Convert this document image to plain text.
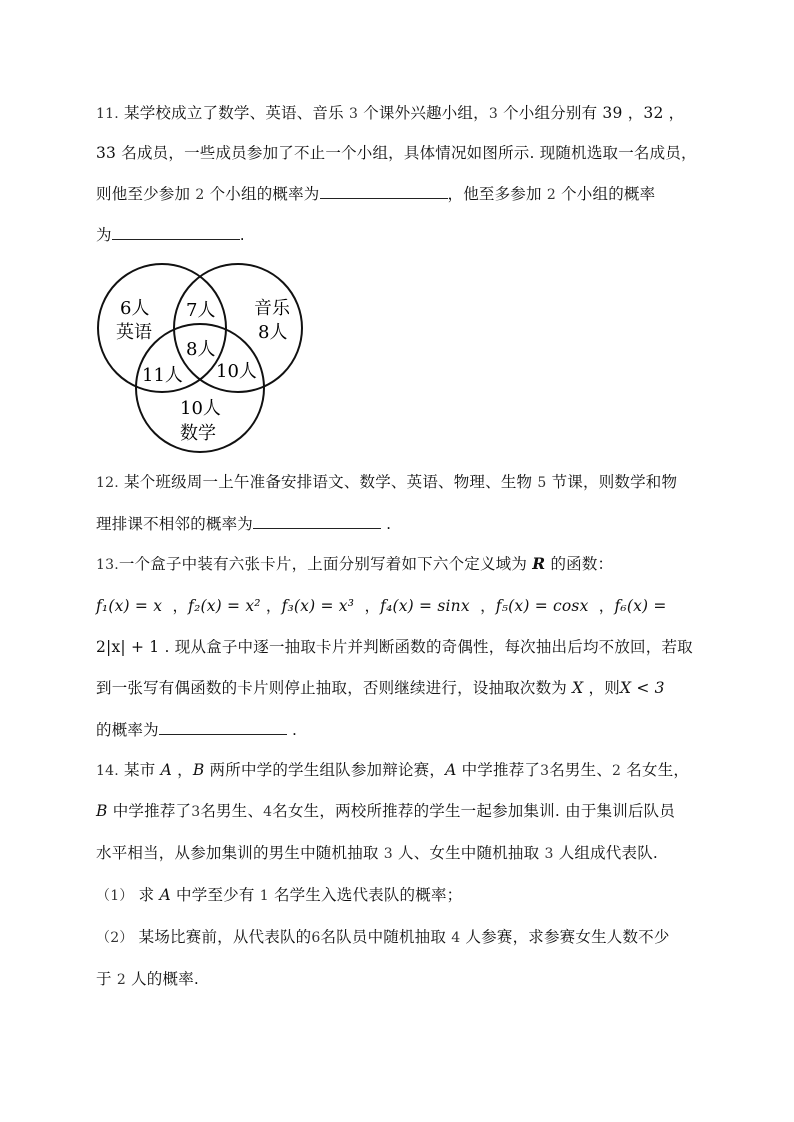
11. 某学校成立了数学、英语、音乐 3 个课外兴趣小组，3 个小组分别有 39 ，32 ，
33 名成员，一些成员参加了不止一个小组，具体情况如图所示. 现随机选取一名成员，
则他至少参加 2 个小组的概率为	，他至多参加 2 个小组的概率
为	.
6人
英语
7人 音乐
8人
8人
11人 10人
10人
数学
12. 某个班级周一上午准备安排语文、数学、英语、物理、生物 5 节课，则数学和物
理排课不相邻的概率为	.
13.一个盒子中装有六张卡片，上面分别写着如下六个定义域为 R 的函数：
f₁(x) = x  ，f₂(x) = x² ，f₃(x) = x³  ，f₄(x) = sinx  ，f₅(x) = cosx  ，f₆(x) =
2|x| + 1 . 现从盒子中逐一抽取卡片并判断函数的奇偶性，每次抽出后均不放回，若取
到一张写有偶函数的卡片则停止抽取，否则继续进行，设抽取次数为 X ，则X < 3
的概率为	.
14. 某市 A ，B 两所中学的学生组队参加辩论赛，A 中学推荐了3名男生、2 名女生，
B 中学推荐了3名男生、4名女生，两校所推荐的学生一起参加集训. 由于集训后队员
水平相当，从参加集训的男生中随机抽取 3 人、女生中随机抽取 3 人组成代表队.
（1） 求 A 中学至少有 1 名学生入选代表队的概率；
（2） 某场比赛前，从代表队的6名队员中随机抽取 4 人参赛，求参赛女生人数不少
于 2 人的概率.
